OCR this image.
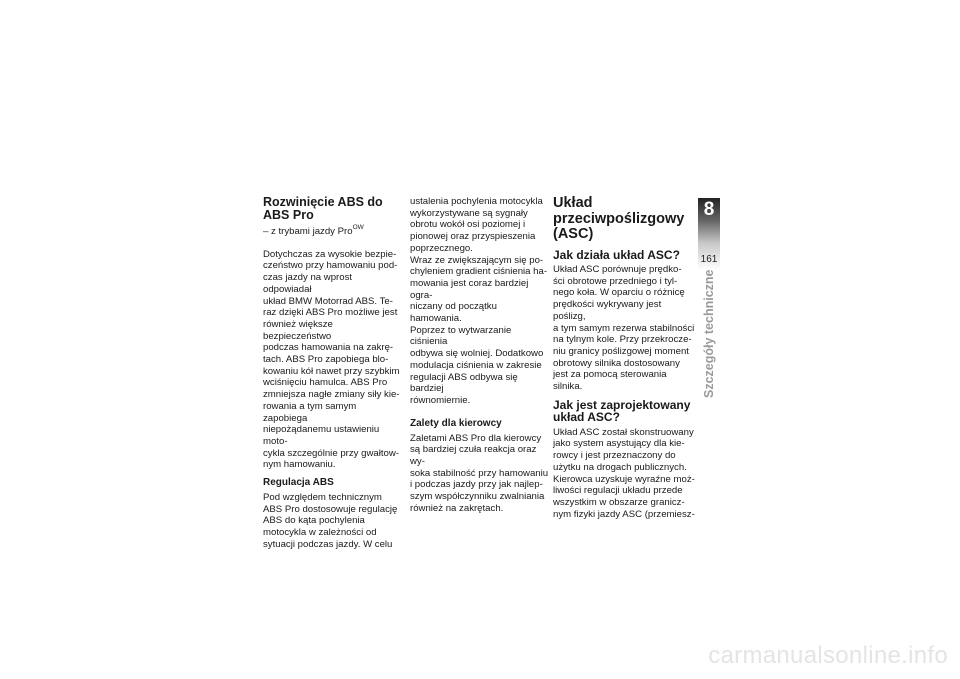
Rozwinięcie ABS do
ABS Pro

– z trybami jazdy Pro$^{OW}$

Dotychczas za wysokie bezpie-
czeństwo przy hamowaniu pod-
czas jazdy na wprost odpowiadał
układ BMW Motorrad ABS. Te-
raz dzięki ABS Pro możliwe jest
również większe bezpieczeństwo
podczas hamowania na zakrę-
tach. ABS Pro zapobiega blo-
kowaniu kół nawet przy szybkim
wciśnięciu hamulca. ABS Pro
zmniejsza nagłe zmiany siły kie-
rowania a tym samym zapobiega
niepożądanemu ustawieniu moto-
cykla szczególnie przy gwałtow-
nym hamowaniu.

Regulacja ABS

Pod względem technicznym
ABS Pro dostosowuje regulację
ABS do kąta pochylenia
motocykla w zależności od
sytuacji podczas jazdy. W celu

ustalenia pochylenia motocykla
wykorzystywane są sygnały
obrotu wokół osi poziomej i
pionowej oraz przyspieszenia
poprzecznego.
Wraz ze zwiększającym się po-
chyleniem gradient ciśnienia ha-
mowania jest coraz bardziej ogra-
niczany od początku hamowania.
Poprzez to wytwarzanie ciśnienia
odbywa się wolniej. Dodatkowo
modulacja ciśnienia w zakresie
regulacji ABS odbywa się bardziej
równomiernie.

Zalety dla kierowcy

Zaletami ABS Pro dla kierowcy
są bardziej czuła reakcja oraz wy-
soka stabilność przy hamowaniu
i podczas jazdy przy jak najlep-
szym współczynniku zwalniania
również na zakrętach.

Układ
przeciwpoślizgowy
(ASC)

Jak działa układ ASC?

Układ ASC porównuje prędko-
ści obrotowe przedniego i tyl-
nego koła. W oparciu o różnicę
prędkości wykrywany jest poślizg,
a tym samym rezerwa stabilności
na tylnym kole. Przy przekrocze-
niu granicy poślizgowej moment
obrotowy silnika dostosowany
jest za pomocą sterowania silnika.

Jak jest zaprojektowany
układ ASC?

Układ ASC został skonstruowany
jako system asystujący dla kie-
rowcy i jest przeznaczony do
użytku na drogach publicznych.
Kierowca uzyskuje wyraźne moż-
liwości regulacji układu przede
wszystkim w obszarze granicz-
nym fizyki jazdy ASC (przemiesz-

8
161
Szczegóły techniczne
carmanualsonline.info
